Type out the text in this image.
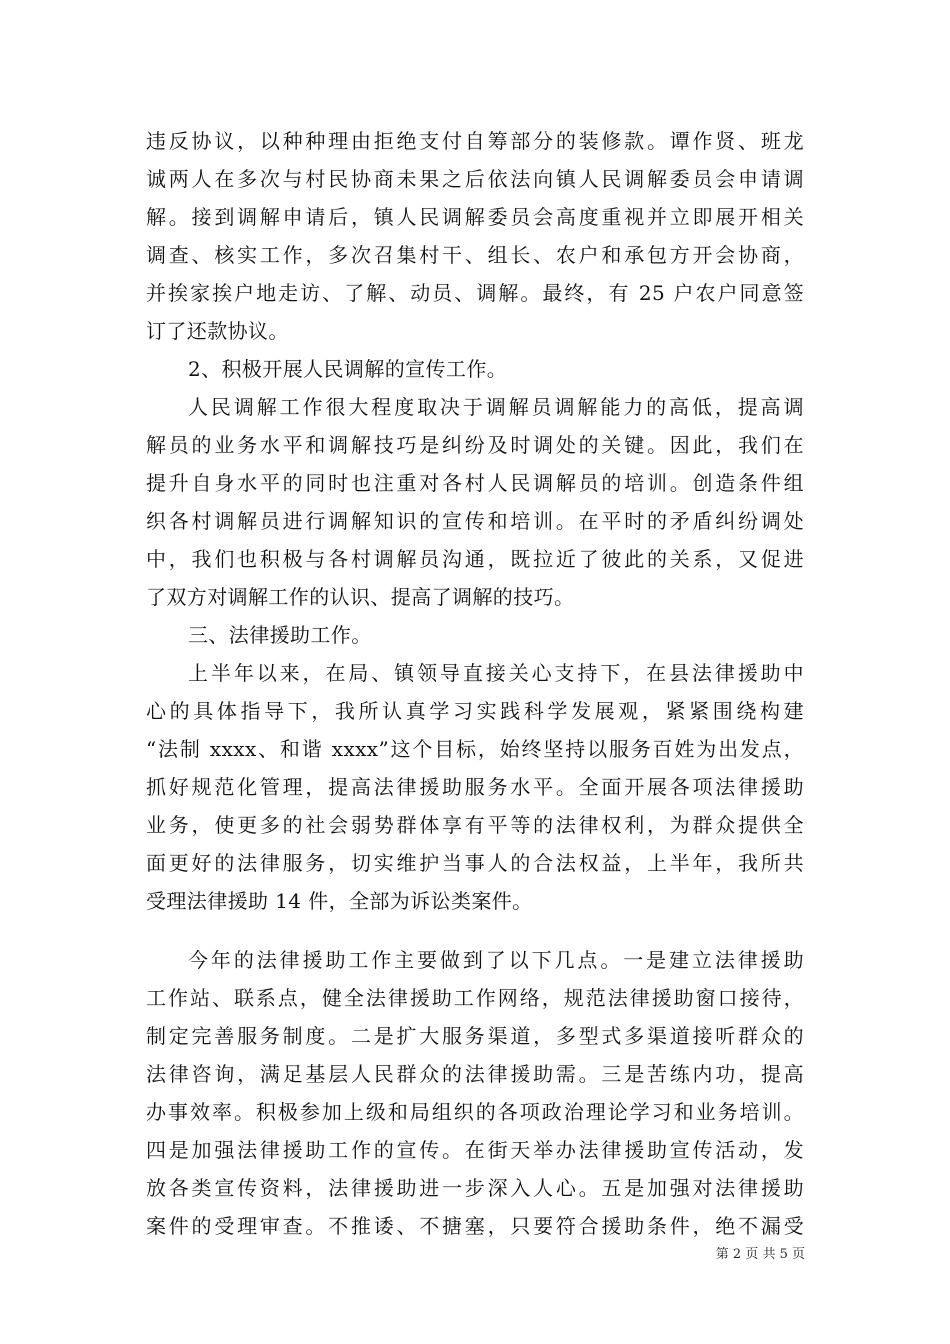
违反协议，以种种理由拒绝支付自筹部分的装修款。谭作贤、班龙
诚两人在多次与村民协商未果之后依法向镇人民调解委员会申请调
解。接到调解申请后，镇人民调解委员会高度重视并立即展开相关
调查、核实工作，多次召集村干、组长、农户和承包方开会协商，
并挨家挨户地走访、了解、动员、调解。最终，有 25 户农户同意签
订了还款协议。
2、积极开展人民调解的宣传工作。
人民调解工作很大程度取决于调解员调解能力的高低，提高调
解员的业务水平和调解技巧是纠纷及时调处的关键。因此，我们在
提升自身水平的同时也注重对各村人民调解员的培训。创造条件组
织各村调解员进行调解知识的宣传和培训。在平时的矛盾纠纷调处
中，我们也积极与各村调解员沟通，既拉近了彼此的关系，又促进
了双方对调解工作的认识、提高了调解的技巧。
三、法律援助工作。
上半年以来，在局、镇领导直接关心支持下，在县法律援助中
心的具体指导下，我所认真学习实践科学发展观，紧紧围绕构建
“法制 xxxx、和谐 xxxx”这个目标，始终坚持以服务百姓为出发点，
抓好规范化管理，提高法律援助服务水平。全面开展各项法律援助
业务，使更多的社会弱势群体享有平等的法律权利，为群众提供全
面更好的法律服务，切实维护当事人的合法权益，上半年，我所共
受理法律援助 14 件，全部为诉讼类案件。
今年的法律援助工作主要做到了以下几点。一是建立法律援助
工作站、联系点，健全法律援助工作网络，规范法律援助窗口接待，
制定完善服务制度。二是扩大服务渠道，多型式多渠道接听群众的
法律咨询，满足基层人民群众的法律援助需。三是苦练内功，提高
办事效率。积极参加上级和局组织的各项政治理论学习和业务培训。
四是加强法律援助工作的宣传。在街天举办法律援助宣传活动，发
放各类宣传资料，法律援助进一步深入人心。五是加强对法律援助
案件的受理审查。不推诿、不搪塞，只要符合援助条件，绝不漏受
第 2 页 共 5 页
